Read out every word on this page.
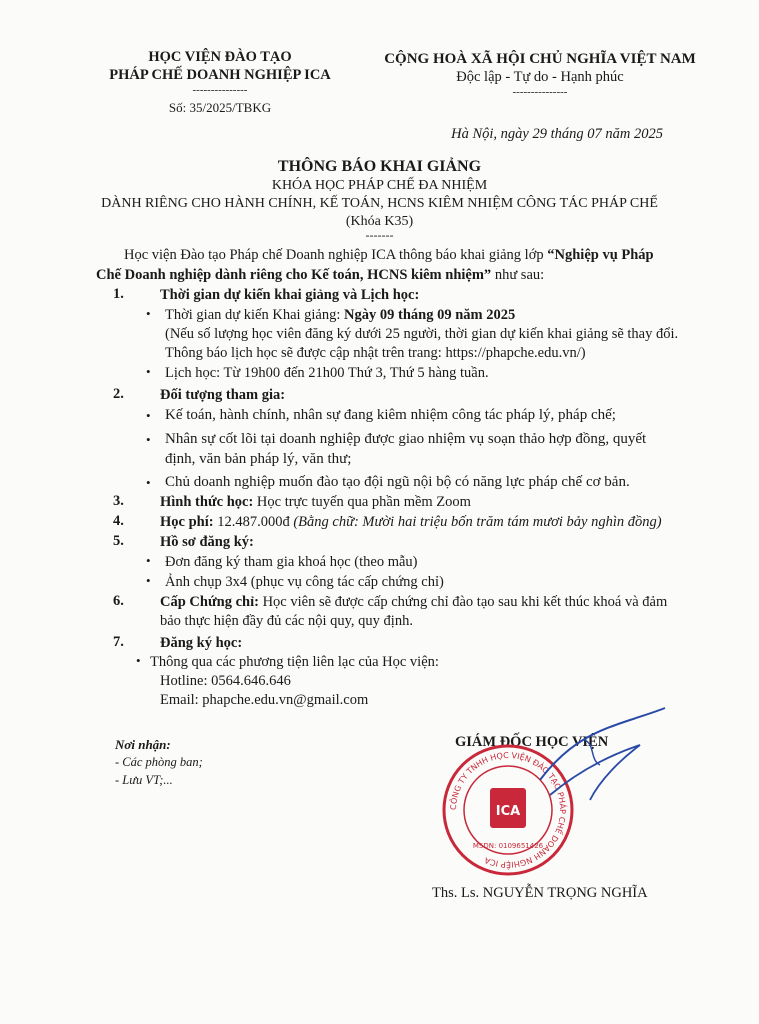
HỌC VIỆN ĐÀO TẠO
PHÁP CHẾ DOANH NGHIỆP ICA
---------------
Số: 35/2025/TBKG
CỘNG HOÀ XÃ HỘI CHỦ NGHĨA VIỆT NAM
Độc lập - Tự do - Hạnh phúc
---------------
Hà Nội, ngày 29 tháng 07 năm 2025
THÔNG BÁO KHAI GIẢNG
KHÓA HỌC PHÁP CHẾ ĐA NHIỆM
DÀNH RIÊNG CHO HÀNH CHÍNH, KẾ TOÁN, HCNS KIÊM NHIỆM CÔNG TÁC PHÁP CHẾ
(Khóa K35)
-------
Học viện Đào tạo Pháp chế Doanh nghiệp ICA thông báo khai giảng lớp “Nghiệp vụ Pháp
Chế Doanh nghiệp dành riêng cho Kế toán, HCNS kiêm nhiệm” như sau:
1. Thời gian dự kiến khai giảng và Lịch học:
• Thời gian dự kiến Khai giảng: Ngày 09 tháng 09 năm 2025
(Nếu số lượng học viên đăng ký dưới 25 người, thời gian dự kiến khai giảng sẽ thay đổi.
Thông báo lịch học sẽ được cập nhật trên trang: https://phapche.edu.vn/)
• Lịch học: Từ 19h00 đến 21h00 Thứ 3, Thứ 5 hàng tuần.
2. Đối tượng tham gia:
• Kế toán, hành chính, nhân sự đang kiêm nhiệm công tác pháp lý, pháp chế;
• Nhân sự cốt lõi tại doanh nghiệp được giao nhiệm vụ soạn thảo hợp đồng, quyết
định, văn bản pháp lý, văn thư;
• Chủ doanh nghiệp muốn đào tạo đội ngũ nội bộ có năng lực pháp chế cơ bản.
3. Hình thức học: Học trực tuyến qua phần mềm Zoom
4. Học phí: 12.487.000đ (Bằng chữ: Mười hai triệu bốn trăm tám mươi bảy nghìn đồng)
5. Hồ sơ đăng ký:
• Đơn đăng ký tham gia khoá học (theo mẫu)
• Ảnh chụp 3x4 (phục vụ công tác cấp chứng chỉ)
6. Cấp Chứng chỉ: Học viên sẽ được cấp chứng chỉ đào tạo sau khi kết thúc khoá và đảm
bảo thực hiện đầy đủ các nội quy, quy định.
7. Đăng ký học:
• Thông qua các phương tiện liên lạc của Học viện:
Hotline: 0564.646.646
Email: phapche.edu.vn@gmail.com
Nơi nhận:
- Các phòng ban;
- Lưu VT;...
GIÁM ĐỐC HỌC VIỆN
CÔNG TY TNHH HỌC VIỆN ĐÀO TẠO PHÁP CHẾ DOANH NGHIỆP ICA
ICA
MSDN: 0109651426
Ths. Ls. NGUYỄN TRỌNG NGHĨA
